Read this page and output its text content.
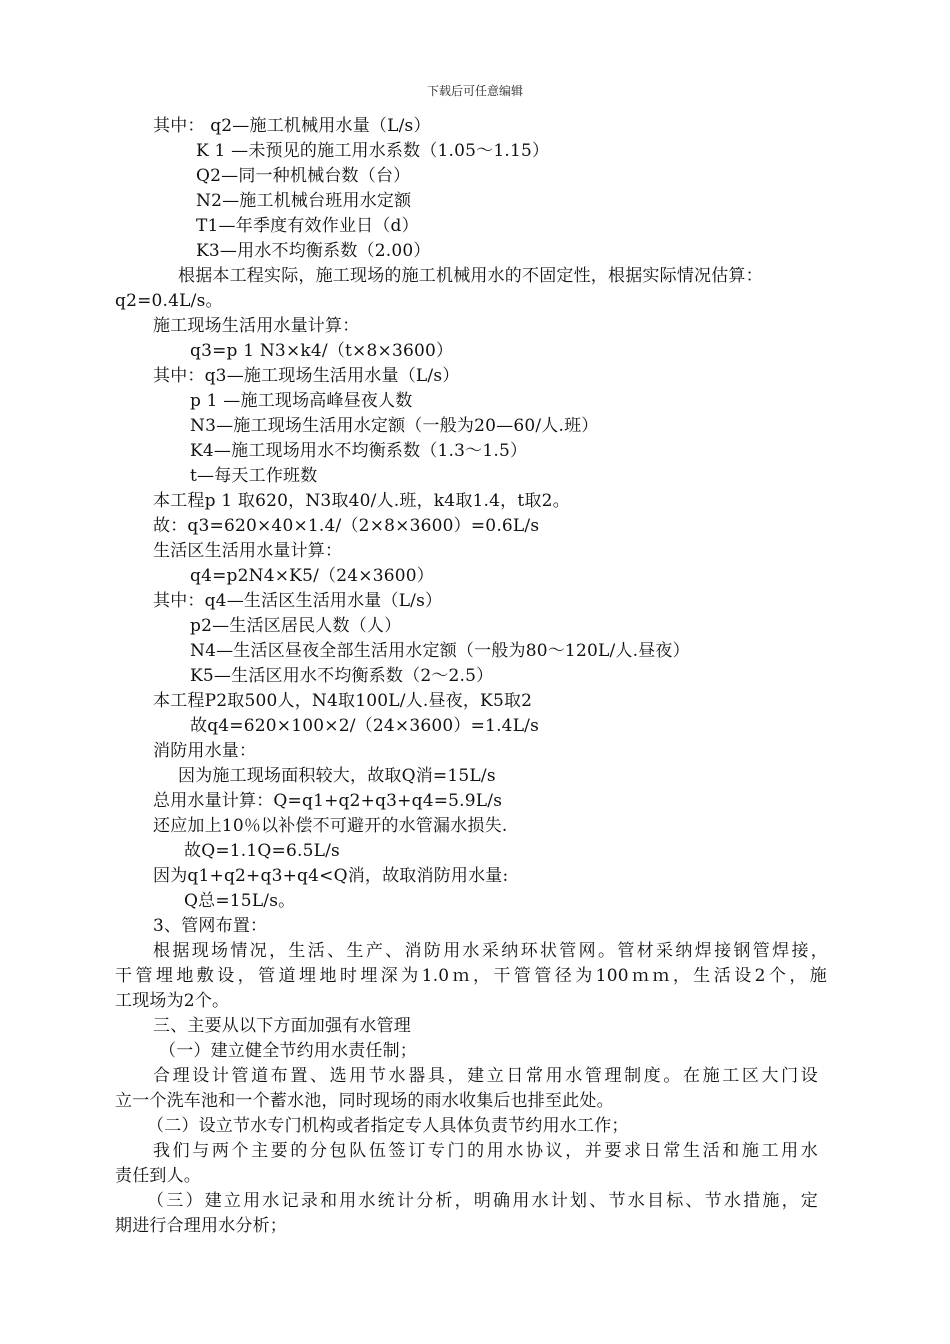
下载后可任意编辑
其中： q2—施工机械用水量（L/s）
K 1 —未预见的施工用水系数（1.05～1.15）
Q2—同一种机械台数（台）
N2—施工机械台班用水定额
T1—年季度有效作业日（d）
K3—用水不均衡系数（2.00）
根据本工程实际，施工现场的施工机械用水的不固定性，根据实际情况估算：
q2=0.4L/s。
施工现场生活用水量计算：
q3=p 1 N3×k4/（t×8×3600）
其中：q3—施工现场生活用水量（L/s）
p 1 —施工现场高峰昼夜人数
N3—施工现场生活用水定额（一般为20—60/人.班）
K4—施工现场用水不均衡系数（1.3～1.5）
t—每天工作班数
本工程p 1 取620，N3取40/人.班，k4取1.4，t取2。
故：q3=620×40×1.4/（2×8×3600）=0.6L/s
生活区生活用水量计算：
q4=p2N4×K5/（24×3600）
其中：q4—生活区生活用水量（L/s）
p2—生活区居民人数（人）
N4—生活区昼夜全部生活用水定额（一般为80～120L/人.昼夜）
K5—生活区用水不均衡系数（2～2.5）
本工程P2取500人，N4取100L/人.昼夜，K5取2
故q4=620×100×2/（24×3600）=1.4L/s
消防用水量：
因为施工现场面积较大，故取Q消=15L/s
总用水量计算：Q=q1+q2+q3+q4=5.9L/s
还应加上10％以补偿不可避开的水管漏水损失.
故Q=1.1Q=6.5L/s
因为q1+q2+q3+q4<Q消，故取消防用水量:
Q总=15L/s。
3、管网布置：
根据现场情况，生活、生产、消防用水采纳环状管网。管材采纳焊接钢管焊接，
干管埋地敷设，管道埋地时埋深为1.0ｍ，干管管径为100ｍｍ，生活设2个，施
工现场为2个。
三、主要从以下方面加强有水管理
（一）建立健全节约用水责任制；
合理设计管道布置、选用节水器具，建立日常用水管理制度。在施工区大门设
立一个洗车池和一个蓄水池，同时现场的雨水收集后也排至此处。
（二）设立节水专门机构或者指定专人具体负责节约用水工作；
我们与两个主要的分包队伍签订专门的用水协议，并要求日常生活和施工用水
责任到人。
（三）建立用水记录和用水统计分析，明确用水计划、节水目标、节水措施，定
期进行合理用水分析；
